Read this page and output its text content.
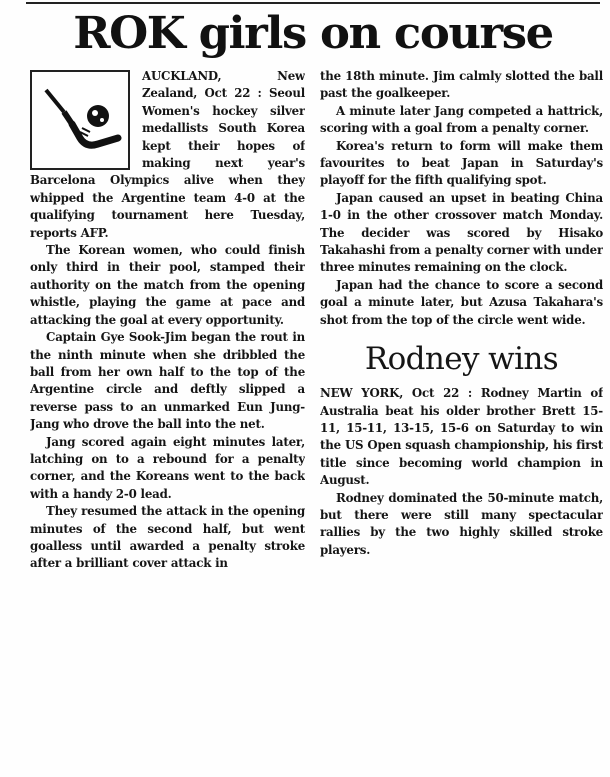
ROK girls on course

AUCKLAND, New Zealand, Oct 22 : Seoul Women's hockey silver medallists South Korea kept their hopes of making next year's Barcelona Olympics alive when they whipped the Argentine team 4-0 at the qualifying tournament here Tuesday, reports AFP.

The Korean women, who could finish only third in their pool, stamped their authority on the match from the opening whistle, playing the game at pace and attacking the goal at every opportunity.

Captain Gye Sook-Jim began the rout in the ninth minute when she dribbled the ball from her own half to the top of the Argentine circle and deftly slipped a reverse pass to an unmarked Eun Jung-Jang who drove the ball into the net.

Jang scored again eight minutes later, latching on to a rebound for a penalty corner, and the Koreans went to the back with a handy 2-0 lead.

They resumed the attack in the opening minutes of the second half, but went goalless until awarded a penalty stroke after a brilliant cover attack in

the 18th minute. Jim calmly slotted the ball past the goalkeeper.

A minute later Jang competed a hattrick, scoring with a goal from a penalty corner.

Korea's return to form will make them favourites to beat Japan in Saturday's playoff for the fifth qualifying spot.

Japan caused an upset in beating China 1-0 in the other crossover match Monday. The decider was scored by Hisako Takahashi from a penalty corner with under three minutes remaining on the clock.

Japan had the chance to score a second goal a minute later, but Azusa Takahara's shot from the top of the circle went wide.

Rodney wins

NEW YORK, Oct 22 : Rodney Martin of Australia beat his older brother Brett 15-11, 15-11, 13-15, 15-6 on Saturday to win the US Open squash championship, his first title since becoming world champion in August.

Rodney dominated the 50-minute match, but there were still many spectacular rallies by the two highly skilled stroke players.
